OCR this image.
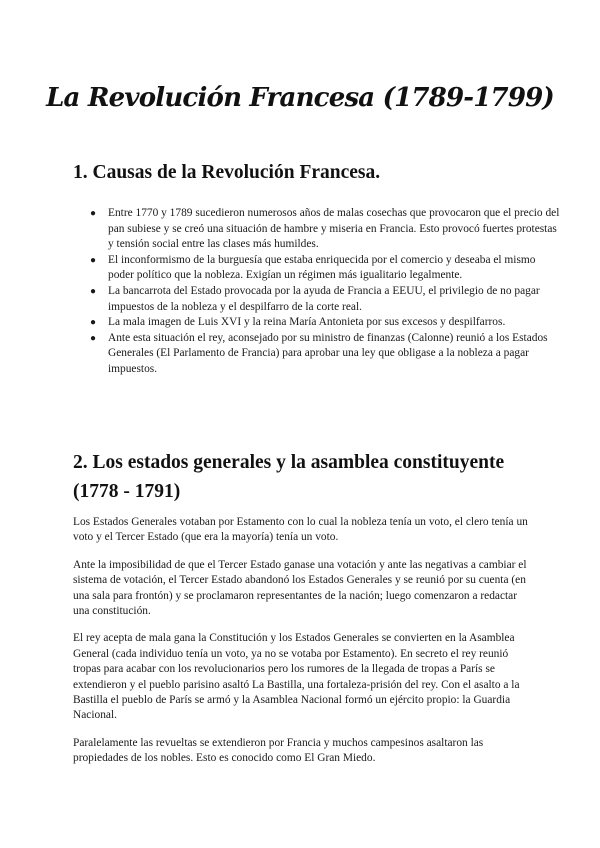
La Revolución Francesa (1789-1799)
1. Causas de la Revolución Francesa.
● Entre 1770 y 1789 sucedieron numerosos años de malas cosechas que provocaron que el precio del pan subiese y se creó una situación de hambre y miseria en Francia. Esto provocó fuertes protestas y tensión social entre las clases más humildes.
● El inconformismo de la burguesía que estaba enriquecida por el comercio y deseaba el mismo poder político que la nobleza. Exigían un régimen más igualitario legalmente.
● La bancarrota del Estado provocada por la ayuda de Francia a EEUU, el privilegio de no pagar impuestos de la nobleza y el despilfarro de la corte real.
● La mala imagen de Luis XVI y la reina María Antonieta por sus excesos y despilfarros.
● Ante esta situación el rey, aconsejado por su ministro de finanzas (Calonne) reunió a los Estados Generales (El Parlamento de Francia) para aprobar una ley que obligase a la nobleza a pagar impuestos.
2. Los estados generales y la asamblea constituyente (1778 - 1791)

Los Estados Generales votaban por Estamento con lo cual la nobleza tenía un voto, el clero tenía un voto y el Tercer Estado (que era la mayoría) tenía un voto.

Ante la imposibilidad de que el Tercer Estado ganase una votación y ante las negativas a cambiar el sistema de votación, el Tercer Estado abandonó los Estados Generales y se reunió por su cuenta (en una sala para frontón) y se proclamaron representantes de la nación; luego comenzaron a redactar una constitución.

El rey acepta de mala gana la Constitución y los Estados Generales se convierten en la Asamblea General (cada individuo tenía un voto, ya no se votaba por Estamento). En secreto el rey reunió tropas para acabar con los revolucionarios pero los rumores de la llegada de tropas a París se extendieron y el pueblo parisino asaltó La Bastilla, una fortaleza-prisión del rey. Con el asalto a la Bastilla el pueblo de París se armó y la Asamblea Nacional formó un ejército propio: la Guardia Nacional.

Paralelamente las revueltas se extendieron por Francia y muchos campesinos asaltaron las propiedades de los nobles. Esto es conocido como El Gran Miedo.
